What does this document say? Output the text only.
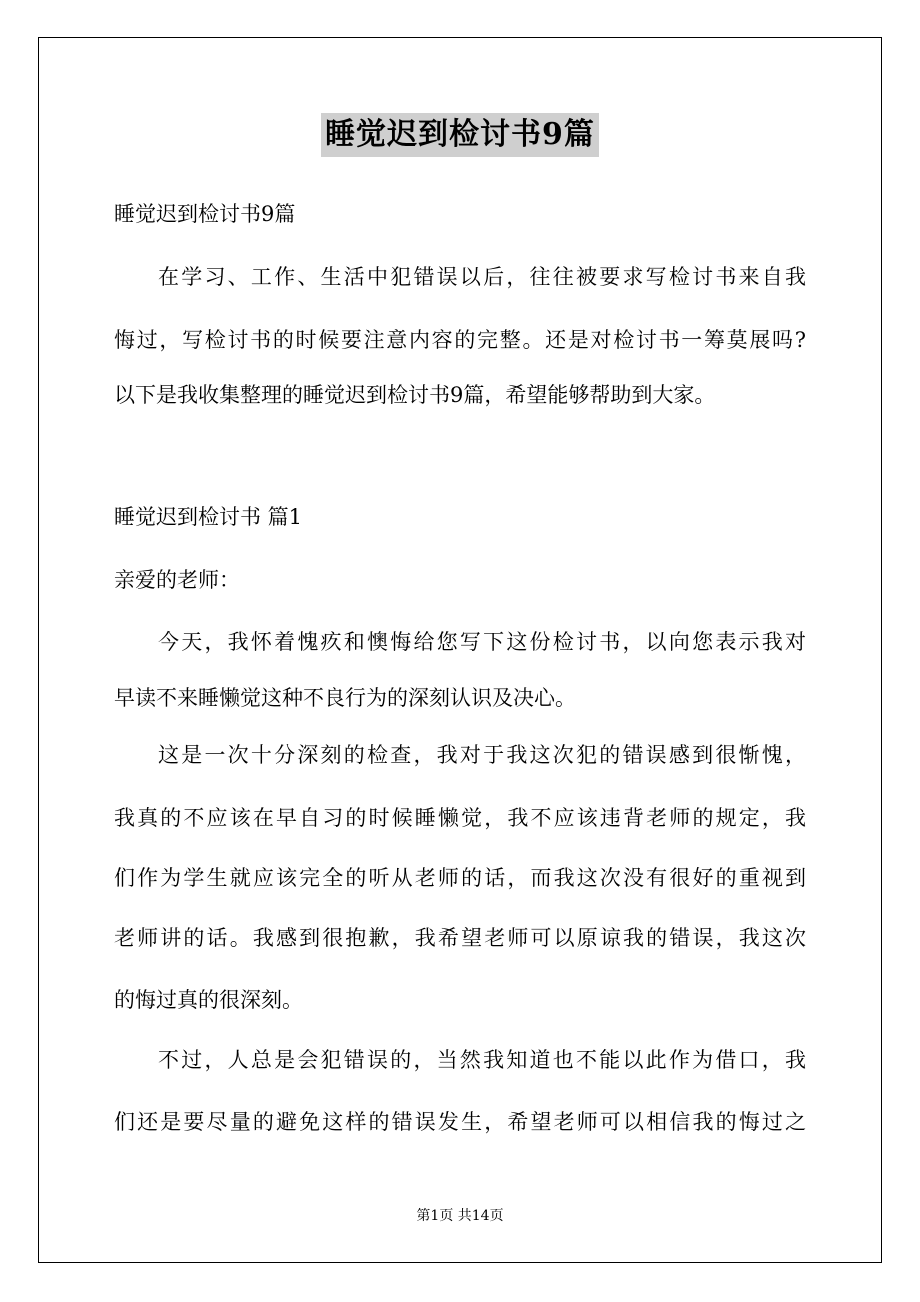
睡觉迟到检讨书9篇
睡觉迟到检讨书9篇
在学习、工作、生活中犯错误以后，往往被要求写检讨书来自我
悔过，写检讨书的时候要注意内容的完整。还是对检讨书一筹莫展吗?
以下是我收集整理的睡觉迟到检讨书9篇，希望能够帮助到大家。
睡觉迟到检讨书 篇1
亲爱的老师：
今天，我怀着愧疚和懊悔给您写下这份检讨书，以向您表示我对
早读不来睡懒觉这种不良行为的深刻认识及决心。
这是一次十分深刻的检查，我对于我这次犯的错误感到很惭愧，
我真的不应该在早自习的时候睡懒觉，我不应该违背老师的规定，我
们作为学生就应该完全的听从老师的话，而我这次没有很好的重视到
老师讲的话。我感到很抱歉，我希望老师可以原谅我的错误，我这次
的悔过真的很深刻。
不过，人总是会犯错误的，当然我知道也不能以此作为借口，我
们还是要尽量的避免这样的错误发生，希望老师可以相信我的悔过之
第1页 共14页
